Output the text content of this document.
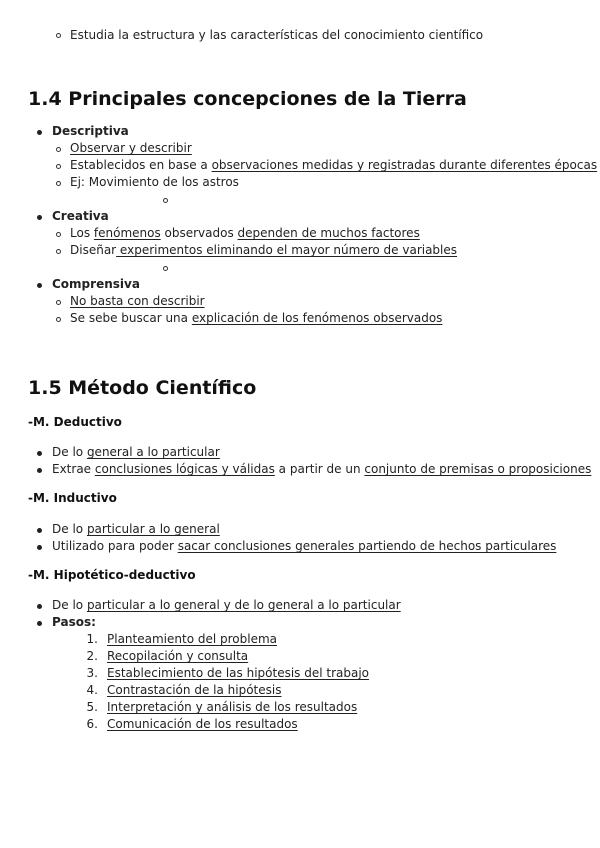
Estudia la estructura y las características del conocimiento científico
1.4 Principales concepciones de la Tierra
Descriptiva
Observar y describir
Establecidos en base a observaciones medidas y registradas durante diferentes épocas
Ej: Movimiento de los astros
Creativa
Los fenómenos observados dependen de muchos factores
Diseñar experimentos eliminando el mayor número de variables
Comprensiva
No basta con describir
Se sebe buscar una explicación de los fenómenos observados
1.5 Método Científico
-M. Deductivo
De lo general a lo particular
Extrae conclusiones lógicas y válidas a partir de un conjunto de premisas o proposiciones
-M. Inductivo
De lo particular a lo general
Utilizado para poder sacar conclusiones generales partiendo de hechos particulares
-M. Hipotético-deductivo
De lo particular a lo general y de lo general a lo particular
Pasos:
1. Planteamiento del problema
2. Recopilación y consulta
3. Establecimiento de las hipótesis del trabajo
4. Contrastación de la hipótesis
5. Interpretación y análisis de los resultados
6. Comunicación de los resultados
